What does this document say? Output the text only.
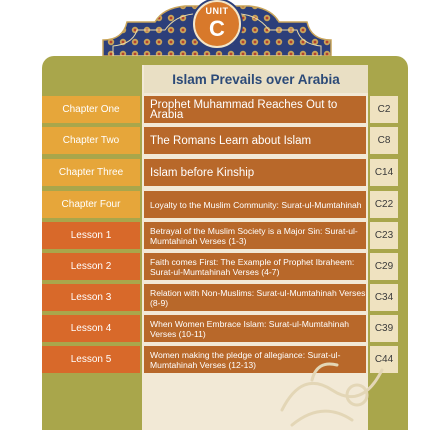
UNIT
C
Islam Prevails over Arabia
Chapter One	Prophet Muhammad Reaches Out to Arabia	C2
Chapter Two	The Romans Learn about Islam	C8
Chapter Three	Islam before Kinship	C14
Chapter Four	Loyalty to the Muslim Community: Surat-ul-Mumtahinah	C22
Lesson 1	Betrayal of the Muslim Society is a Major Sin: Surat-ul-Mumtahinah Verses (1-3)	C23
Lesson 2	Faith comes First: The Example of Prophet Ibraheem: Surat-ul-Mumtahinah Verses (4-7)	C29
Lesson 3	Relation with Non-Muslims: Surat-ul-Mumtahinah Verses (8-9)	C34
Lesson 4	When Women Embrace Islam: Surat-ul-Mumtahinah Verses (10-11)	C39
Lesson 5	Women making the pledge of allegiance: Surat-ul-Mumtahinah Verses (12-13)	C44
